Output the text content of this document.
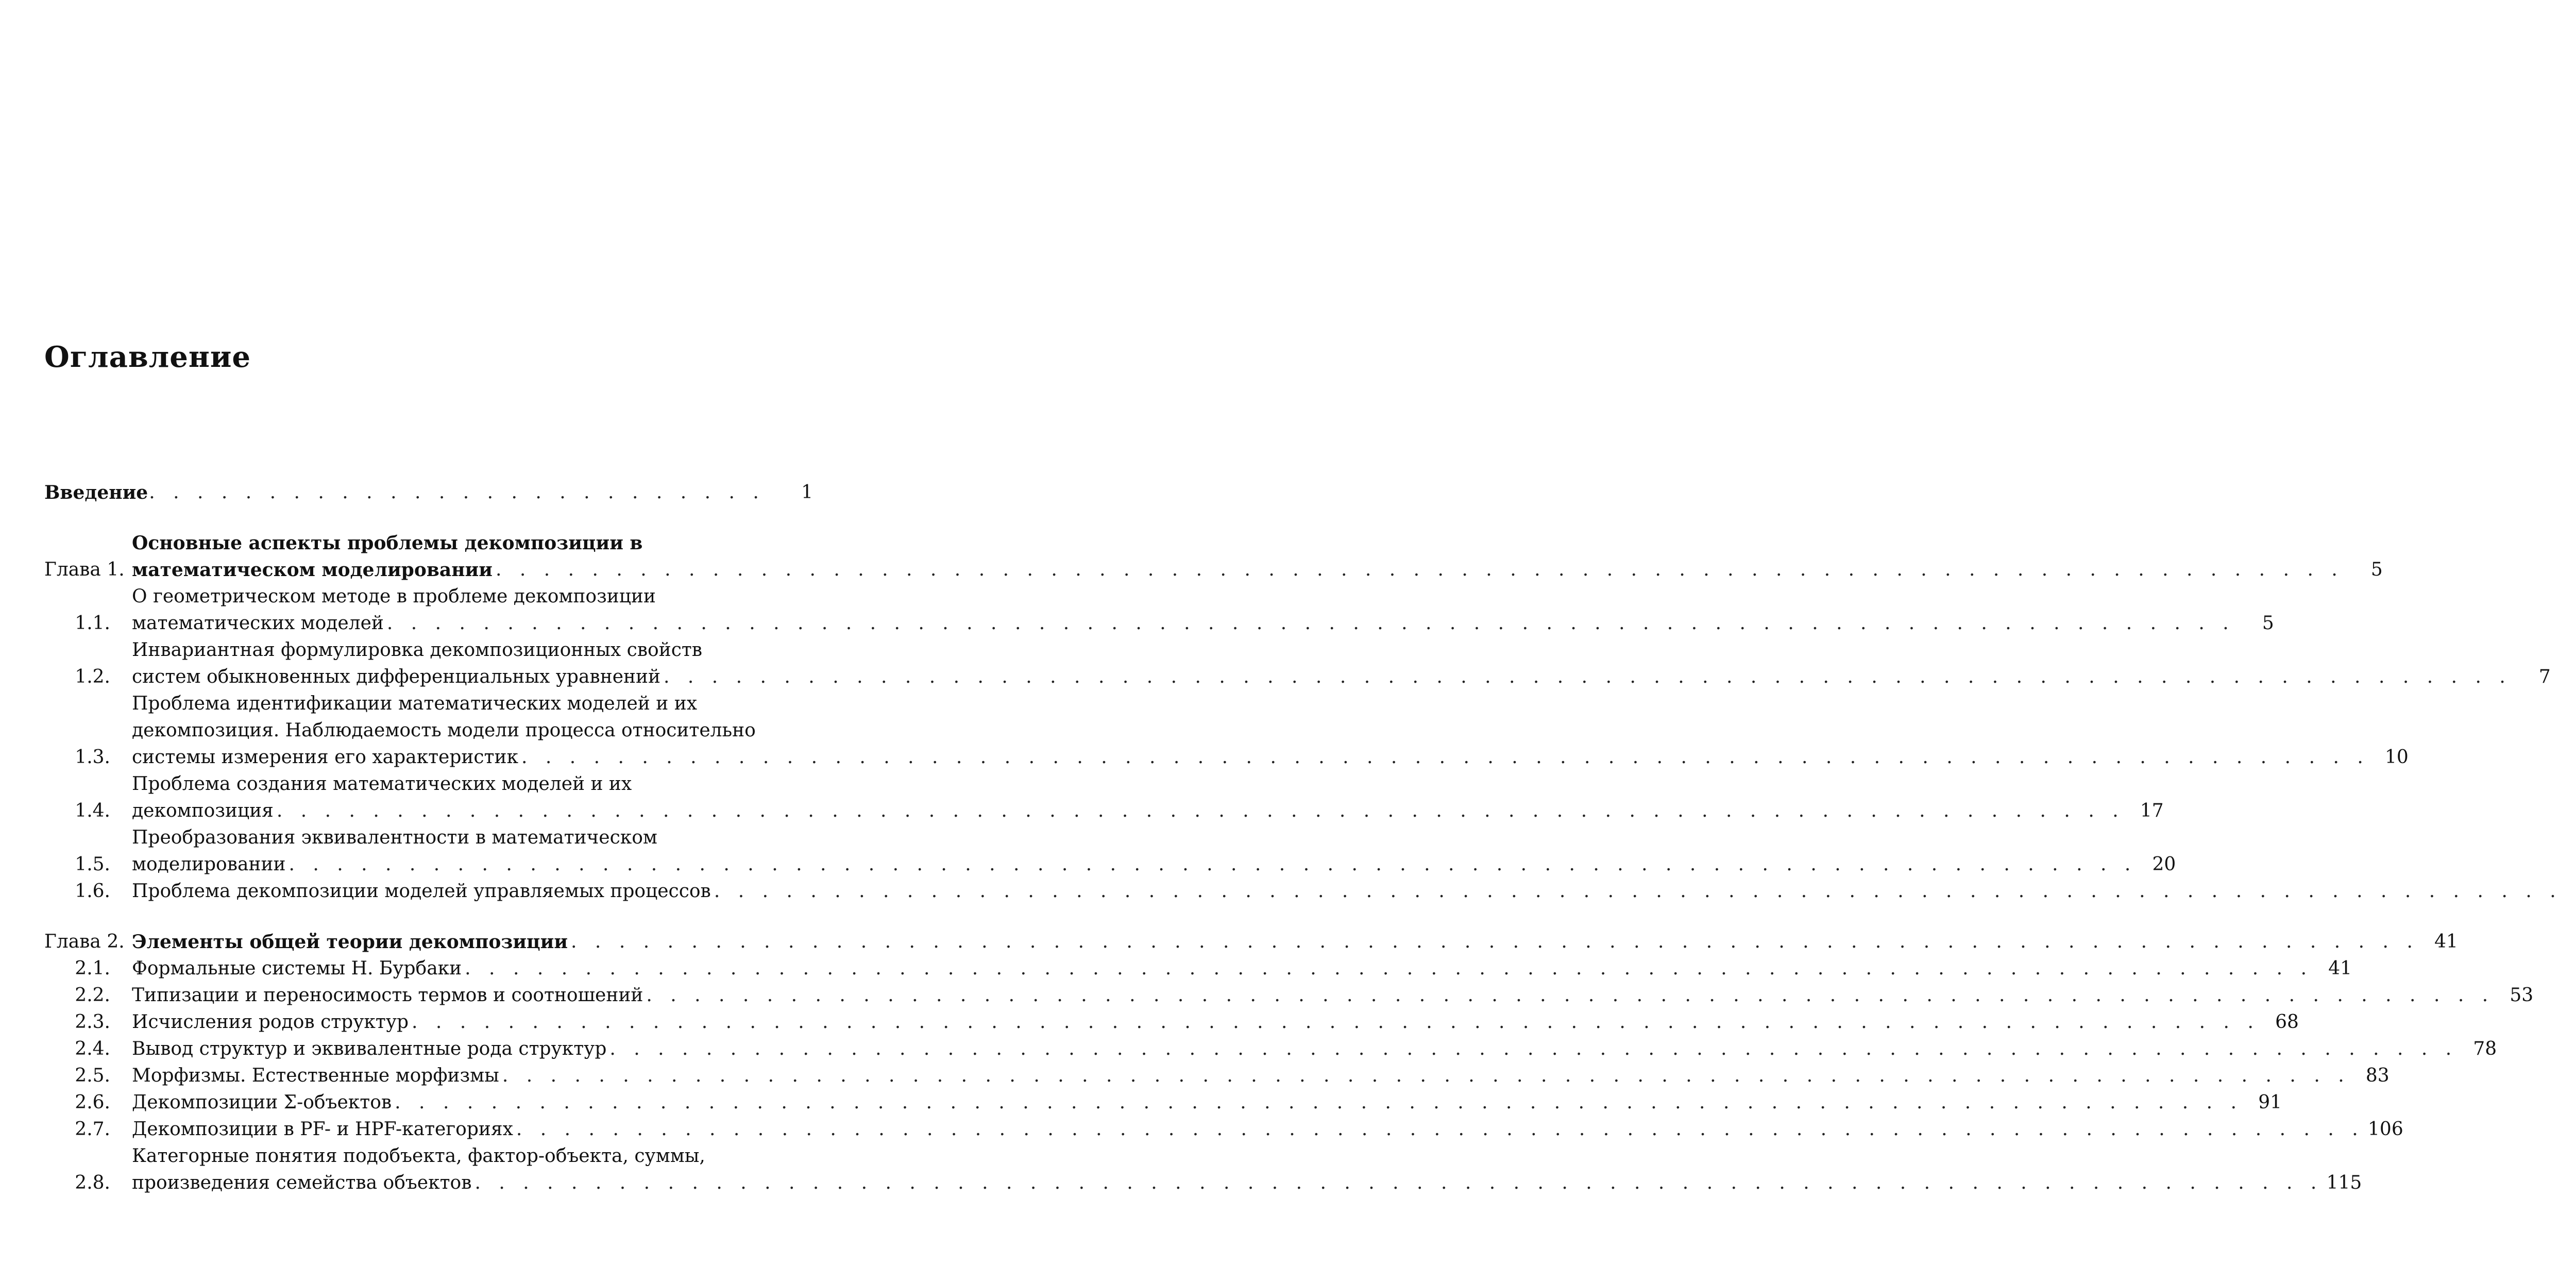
Оглавление
Введение . . .	1
Глава 1.
Основные аспекты проблемы декомпозиции в
математическом моделировании . . .	5
1.1.
О геометрическом методе в проблеме декомпозиции
математических моделей . . .	5
1.2.
Инвариантная формулировка декомпозиционных свойств
систем обыкновенных дифференциальных уравнений . . .	7
1.3.
Проблема идентификации математических моделей и их
декомпозиция. Наблюдаемость модели процесса относительно
системы измерения его характеристик . . .	10
1.4.
Проблема создания математических моделей и их
декомпозиция . . .	17
1.5.
Преобразования эквивалентности в математическом
моделировании . . .	20
1.6.	Проблема декомпозиции моделей управляемых процессов
. . .
Глава 2. Элементы общей теории декомпозиции . . .	41
2.1.	Формальные системы Н. Бурбаки . . .	41
2.2.	Типизации и переносимость термов и соотношений . . .	53
2.3.	Исчисления родов структур . . .	68
2.4.	Вывод структур и эквивалентные рода структур . . .	78
2.5.	Морфизмы. Естественные морфизмы . . .	83
2.6.	Декомпозиции Σ-объектов . . .	91
2.7.	Декомпозиции в PF- и HPF-категориях . . .	106
2.8.
Категорные понятия подобъекта, фактор-объекта, суммы,
произведения семейства объектов . . .	115
